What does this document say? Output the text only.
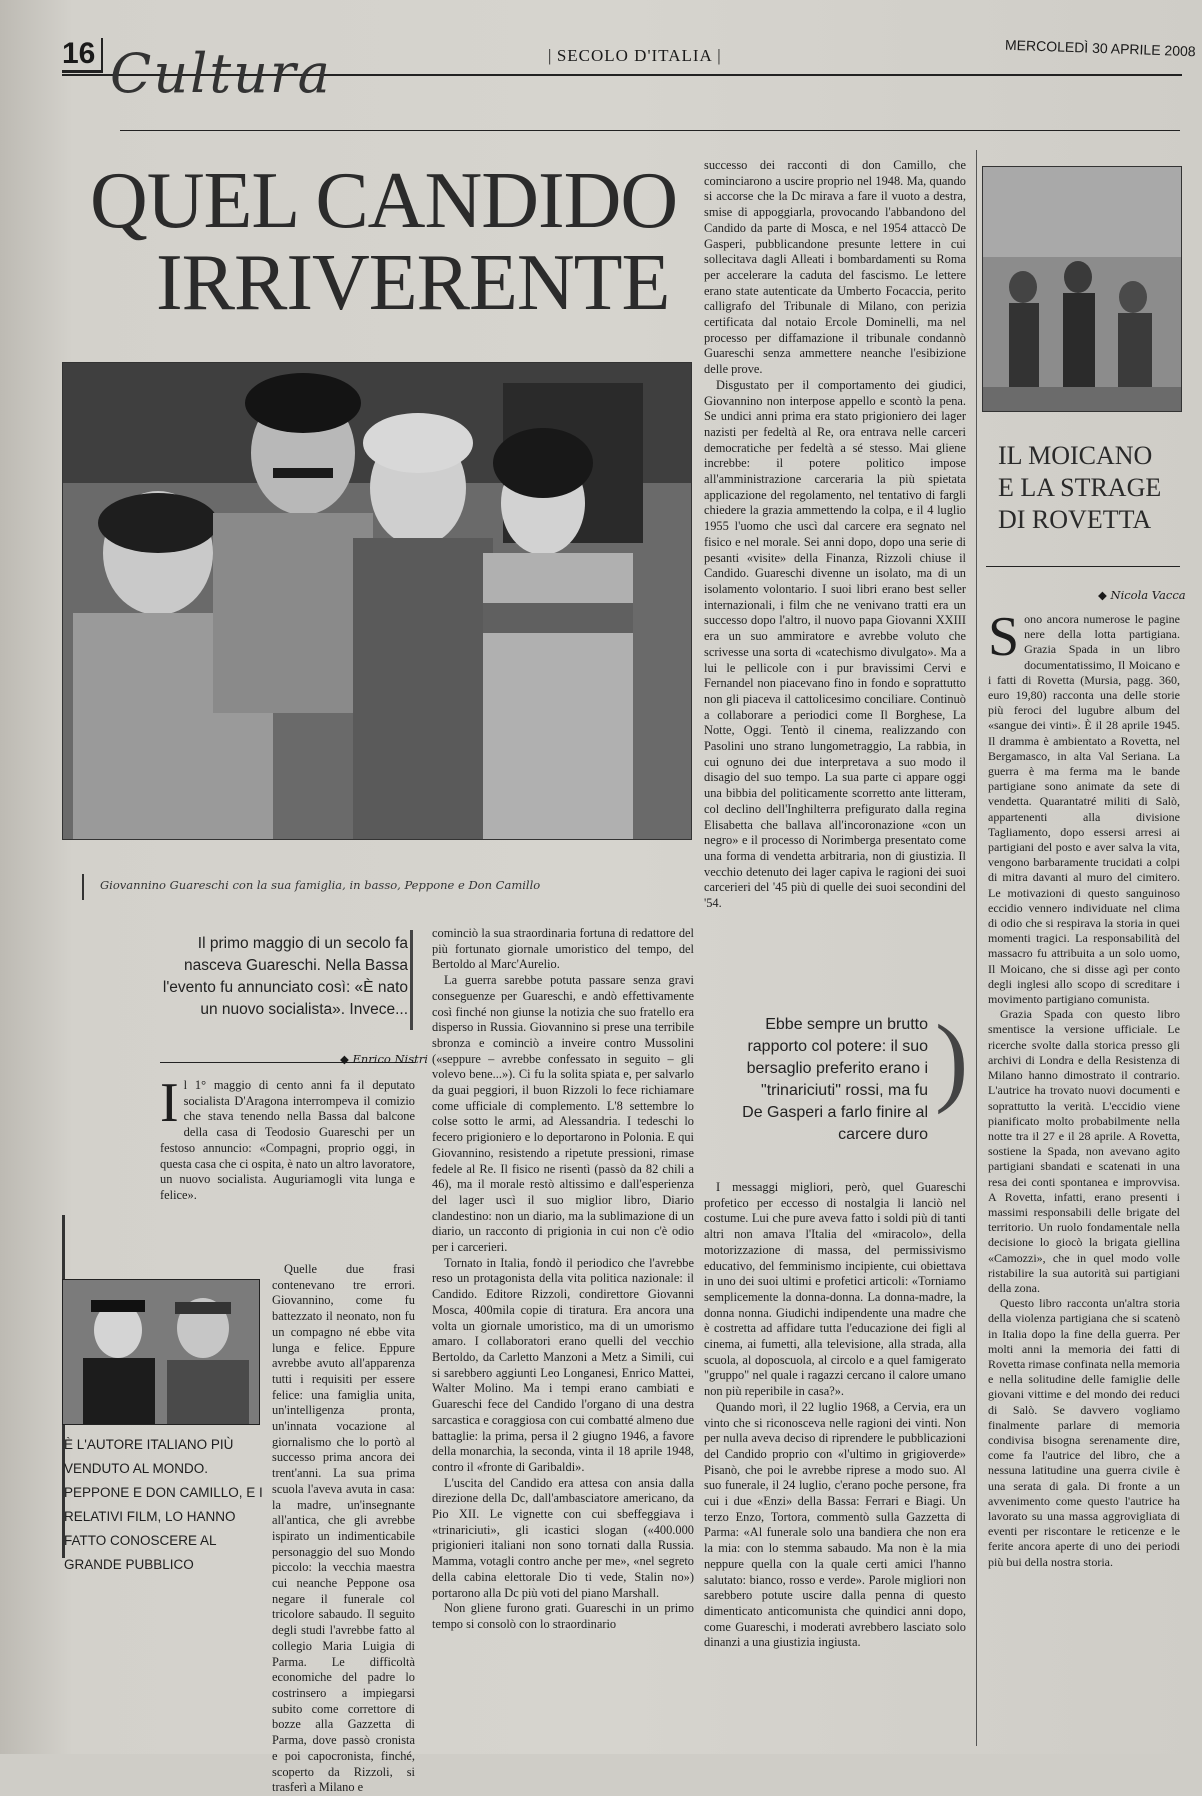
16 Cultura	| SECOLO D'ITALIA |	MERCOLEDÌ 30 APRILE 2008
QUEL CANDIDO
IRRIVERENTE
Giovannino Guareschi con la sua famiglia, in basso, Peppone e Don Camillo
Il primo maggio di un secolo fa nasceva Guareschi. Nella Bassa l'evento fu annunciato così: «È nato un nuovo socialista». Invece...
◆ Enrico Nistri

Il 1° maggio di cento anni fa il deputato socialista D'Aragona interrompeva il comizio che stava tenendo nella Bassa dal balcone della casa di Teodosio Guareschi per un festoso annuncio: «Compagni, proprio oggi, in questa casa che ci ospita, è nato un altro lavoratore, un nuovo socialista. Auguriamogli vita lunga e felice».

Quelle due frasi contenevano tre errori. Giovannino, come fu battezzato il neonato, non fu un compagno né ebbe vita lunga e felice. Eppure avrebbe avuto all'apparenza tutti i requisiti per essere felice: una famiglia unita, un'intelligenza pronta, un'innata vocazione al giornalismo che lo portò al successo prima ancora dei trent'anni. La sua prima scuola l'aveva avuta in casa: la madre, un'insegnante all'antica, che gli avrebbe ispirato un indimenticabile personaggio del suo Mondo piccolo: la vecchia maestra cui neanche Peppone osa negare il funerale col tricolore sabaudo. Il seguito degli studi l'avrebbe fatto al collegio Maria Luigia di Parma. Le difficoltà economiche del padre lo costrinsero a impiegarsi subito come correttore di bozze alla Gazzetta di Parma, dove passò cronista e poi capocronista, finché, scoperto da Rizzoli, si trasferì a Milano e

È L'AUTORE ITALIANO PIÙ VENDUTO AL MONDO. PEPPONE E DON CAMILLO, E I RELATIVI FILM, LO HANNO FATTO CONOSCERE AL GRANDE PUBBLICO

cominciò la sua straordinaria fortuna di redattore del più fortunato giornale umoristico del tempo, del Bertoldo al Marc'Aurelio.

La guerra sarebbe potuta passare senza gravi conseguenze per Guareschi, e andò effettivamente così finché non giunse la notizia che suo fratello era disperso in Russia. Giovannino si prese una terribile sbronza e cominciò a inveire contro Mussolini («seppure – avrebbe confessato in seguito – gli volevo bene...»). Ci fu la solita spiata e, per salvarlo da guai peggiori, il buon Rizzoli lo fece richiamare come ufficiale di complemento. L'8 settembre lo colse sotto le armi, ad Alessandria. I tedeschi lo fecero prigioniero e lo deportarono in Polonia. E qui Giovannino, resistendo a ripetute pressioni, rimase fedele al Re. Il fisico ne risentì (passò da 82 chili a 46), ma il morale restò altissimo e dall'esperienza del lager uscì il suo miglior libro, Diario clandestino: non un diario, ma la sublimazione di un diario, un racconto di prigionia in cui non c'è odio per i carcerieri.

Tornato in Italia, fondò il periodico che l'avrebbe reso un protagonista della vita politica nazionale: il Candido. Editore Rizzoli, condirettore Giovanni Mosca, 400mila copie di tiratura. Era ancora una volta un giornale umoristico, ma di un umorismo amaro. I collaboratori erano quelli del vecchio Bertoldo, da Carletto Manzoni a Metz a Simili, cui si sarebbero aggiunti Leo Longanesi, Enrico Mattei, Walter Molino. Ma i tempi erano cambiati e Guareschi fece del Candido l'organo di una destra sarcastica e coraggiosa con cui combatté almeno due battaglie: la prima, persa il 2 giugno 1946, a favore della monarchia, la seconda, vinta il 18 aprile 1948, contro il «fronte di Garibaldi».

L'uscita del Candido era attesa con ansia dalla direzione della Dc, dall'ambasciatore americano, da Pio XII. Le vignette con cui sbeffeggiava i «trinariciuti», gli icastici slogan («400.000 prigionieri italiani non sono tornati dalla Russia. Mamma, votagli contro anche per me», «nel segreto della cabina elettorale Dio ti vede, Stalin no») portarono alla Dc più voti del piano Marshall.

Non gliene furono grati. Guareschi in un primo tempo si consolò con lo straordinario

successo dei racconti di don Camillo, che cominciarono a uscire proprio nel 1948. Ma, quando si accorse che la Dc mirava a fare il vuoto a destra, smise di appoggiarla, provocando l'abbandono del Candido da parte di Mosca, e nel 1954 attaccò De Gasperi, pubblicandone presunte lettere in cui sollecitava dagli Alleati i bombardamenti su Roma per accelerare la caduta del fascismo. Le lettere erano state autenticate da Umberto Focaccia, perito calligrafo del Tribunale di Milano, con perizia certificata dal notaio Ercole Dominelli, ma nel processo per diffamazione il tribunale condannò Guareschi senza ammettere neanche l'esibizione delle prove.

Disgustato per il comportamento dei giudici, Giovannino non interpose appello e scontò la pena. Se undici anni prima era stato prigioniero dei lager nazisti per fedeltà al Re, ora entrava nelle carceri democratiche per fedeltà a sé stesso. Mai gliene increbbe: il potere politico impose all'amministrazione carceraria la più spietata applicazione del regolamento, nel tentativo di fargli chiedere la grazia ammettendo la colpa, e il 4 luglio 1955 l'uomo che uscì dal carcere era segnato nel fisico e nel morale. Sei anni dopo, dopo una serie di pesanti «visite» della Finanza, Rizzoli chiuse il Candido. Guareschi divenne un isolato, ma di un isolamento volontario. I suoi libri erano best seller internazionali, i film che ne venivano tratti era un successo dopo l'altro, il nuovo papa Giovanni XXIII era un suo ammiratore e avrebbe voluto che scrivesse una sorta di «catechismo divulgato». Ma a lui le pellicole con i pur bravissimi Cervi e Fernandel non piacevano fino in fondo e soprattutto non gli piaceva il cattolicesimo conciliare. Continuò a collaborare a periodici come Il Borghese, La Notte, Oggi. Tentò il cinema, realizzando con Pasolini uno strano lungometraggio, La rabbia, in cui ognuno dei due interpretava a suo modo il disagio del suo tempo. La sua parte ci appare oggi una bibbia del politicamente scorretto ante litteram, col declino dell'Inghilterra prefigurato dalla regina Elisabetta che ballava all'incoronazione «con un negro» e il processo di Norimberga presentato come una forma di vendetta arbitraria, non di giustizia. Il vecchio detenuto dei lager capiva le ragioni dei suoi carcerieri del '45 più di quelle dei suoi secondini del '54.

Ebbe sempre un brutto rapporto col potere: il suo bersaglio preferito erano i "trinariciuti" rossi, ma fu De Gasperi a farlo finire al carcere duro
)

I messaggi migliori, però, quel Guareschi profetico per eccesso di nostalgia li lanciò nel costume. Lui che pure aveva fatto i soldi più di tanti altri non amava l'Italia del «miracolo», della motorizzazione di massa, del permissivismo educativo, del femminismo incipiente, cui obiettava in uno dei suoi ultimi e profetici articoli: «Torniamo semplicemente la donna-donna. La donna-madre, la donna nonna. Giudichi indipendente una madre che è costretta ad affidare tutta l'educazione dei figli al cinema, ai fumetti, alla televisione, alla strada, alla scuola, al doposcuola, al circolo e a quel famigerato "gruppo" nel quale i ragazzi cercano il calore umano non più reperibile in casa?».

Quando morì, il 22 luglio 1968, a Cervia, era un vinto che si riconosceva nelle ragioni dei vinti. Non per nulla aveva deciso di riprendere le pubblicazioni del Candido proprio con «l'ultimo in grigioverde» Pisanò, che poi le avrebbe riprese a modo suo. Al suo funerale, il 24 luglio, c'erano poche persone, fra cui i due «Enzi» della Bassa: Ferrari e Biagi. Un terzo Enzo, Tortora, commentò sulla Gazzetta di Parma: «Al funerale solo una bandiera che non era la mia: con lo stemma sabaudo. Ma non è la mia neppure quella con la quale certi amici l'hanno salutato: bianco, rosso e verde». Parole migliori non sarebbero potute uscire dalla penna di questo dimenticato anticomunista che quindici anni dopo, come Guareschi, i moderati avrebbero lasciato solo dinanzi a una giustizia ingiusta.

IL MOICANO
E LA STRAGE
DI ROVETTA
◆ Nicola Vacca

Sono ancora numerose le pagine nere della lotta partigiana. Grazia Spada in un libro documentatissimo, Il Moicano e i fatti di Rovetta (Mursia, pagg. 360, euro 19,80) racconta una delle storie più feroci del lugubre album del «sangue dei vinti». È il 28 aprile 1945. Il dramma è ambientato a Rovetta, nel Bergamasco, in alta Val Seriana. La guerra è ma ferma ma le bande partigiane sono animate da sete di vendetta. Quarantatré militi di Salò, appartenenti alla divisione Tagliamento, dopo essersi arresi ai partigiani del posto e aver salva la vita, vengono barbaramente trucidati a colpi di mitra davanti al muro del cimitero. Le motivazioni di questo sanguinoso eccidio vennero individuate nel clima di odio che si respirava la storia in quei momenti tragici. La responsabilità del massacro fu attribuita a un solo uomo, Il Moicano, che si disse agì per conto degli inglesi allo scopo di screditare i movimento partigiano comunista.

Grazia Spada con questo libro smentisce la versione ufficiale. Le ricerche svolte dalla storica presso gli archivi di Londra e della Resistenza di Milano hanno dimostrato il contrario. L'autrice ha trovato nuovi documenti e soprattutto la verità. L'eccidio viene pianificato molto probabilmente nella notte tra il 27 e il 28 aprile. A Rovetta, sostiene la Spada, non avevano agito partigiani sbandati e scatenati in una resa dei conti spontanea e improvvisa. A Rovetta, infatti, erano presenti i massimi responsabili delle brigate del territorio. Un ruolo fondamentale nella decisione lo giocò la brigata giellina «Camozzi», che in quel modo volle ristabilire la sua autorità sui partigiani della zona.

Questo libro racconta un'altra storia della violenza partigiana che si scatenò in Italia dopo la fine della guerra. Per molti anni la memoria dei fatti di Rovetta rimase confinata nella memoria e nella solitudine delle famiglie delle giovani vittime e del mondo dei reduci di Salò. Se davvero vogliamo finalmente parlare di memoria condivisa bisogna serenamente dire, come fa l'autrice del libro, che a nessuna latitudine una guerra civile è una serata di gala. Di fronte a un avvenimento come questo l'autrice ha lavorato su una massa aggrovigliata di eventi per riscontare le reticenze e le ferite ancora aperte di uno dei periodi più bui della nostra storia.
